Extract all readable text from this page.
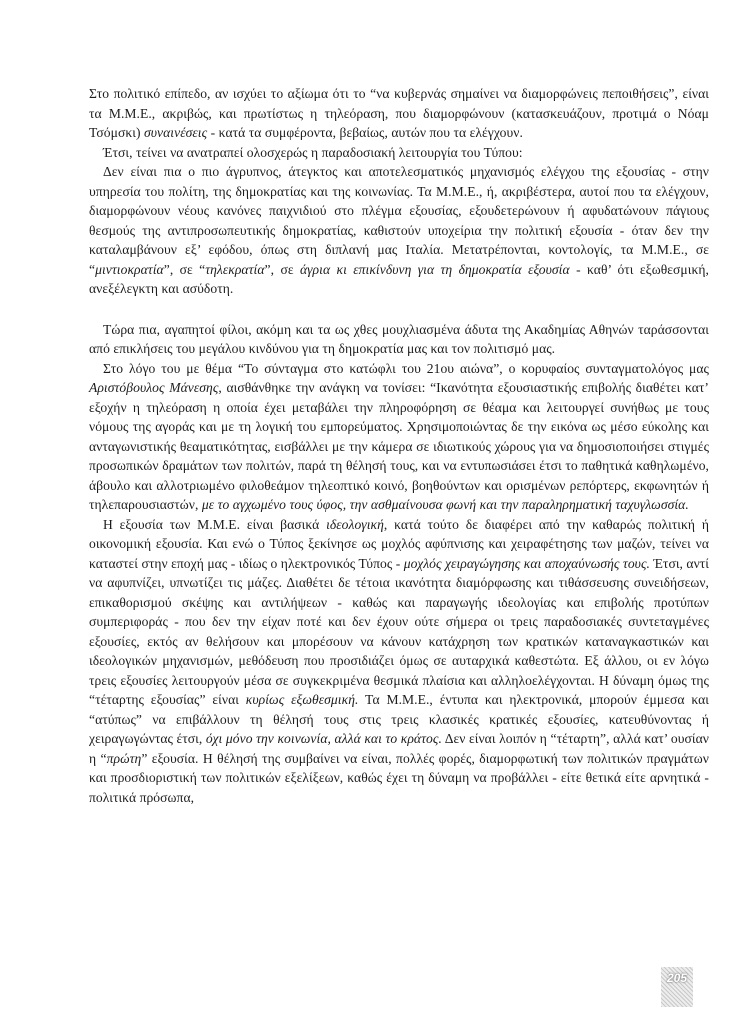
Στο πολιτικό επίπεδο, αν ισχύει το αξίωμα ότι το “να κυβερνάς σημαίνει να διαμορφώνεις πεποιθήσεις”, είναι τα Μ.Μ.Ε., ακριβώς, και πρωτίστως η τηλεόραση, που διαμορφώνουν (κατασκευάζουν, προτιμά ο Νόαμ Τσόμσκι) συναινέσεις - κατά τα συμφέροντα, βεβαίως, αυτών που τα ελέγχουν.

Έτσι, τείνει να ανατραπεί ολοσχερώς η παραδοσιακή λειτουργία του Τύπου:

Δεν είναι πια ο πιο άγρυπνος, άτεγκτος και αποτελεσματικός μηχανισμός ελέγχου της εξουσίας - στην υπηρεσία του πολίτη, της δημοκρατίας και της κοινωνίας. Τα Μ.Μ.Ε., ή, ακριβέστερα, αυτοί που τα ελέγχουν, διαμορφώνουν νέους κανόνες παιχνιδιού στο πλέγμα εξουσίας, εξουδετερώνουν ή αφυδατώνουν πάγιους θεσμούς της αντιπροσωπευτικής δημοκρατίας, καθιστούν υποχείρια την πολιτική εξουσία - όταν δεν την καταλαμβάνουν εξ’ εφόδου, όπως στη διπλανή μας Ιταλία. Μετατρέπονται, κοντολογίς, τα Μ.Μ.Ε., σε “μιντιοκρατία”, σε “τηλεκρατία”, σε άγρια κι επικίνδυνη για τη δημοκρατία εξουσία - καθ’ ότι εξωθεσμική, ανεξέλεγκτη και ασύδοτη.

Τώρα πια, αγαπητοί φίλοι, ακόμη και τα ως χθες μουχλιασμένα άδυτα της Ακαδημίας Αθηνών ταράσσονται από επικλήσεις του μεγάλου κινδύνου για τη δημοκρατία μας και τον πολιτισμό μας.

Στο λόγο του με θέμα “Το σύνταγμα στο κατώφλι του 21ου αιώνα”, ο κορυφαίος συνταγματολόγος μας Αριστόβουλος Μάνεσης, αισθάνθηκε την ανάγκη να τονίσει: “Ικανότητα εξουσιαστικής επιβολής διαθέτει κατ’ εξοχήν η τηλεόραση η οποία έχει μεταβάλει την πληροφόρηση σε θέαμα και λειτουργεί συνήθως με τους νόμους της αγοράς και με τη λογική του εμπορεύματος. Χρησιμοποιώντας δε την εικόνα ως μέσο εύκολης και ανταγωνιστικής θεαματικότητας, εισβάλλει με την κάμερα σε ιδιωτικούς χώρους για να δημοσιοποιήσει στιγμές προσωπικών δραμάτων των πολιτών, παρά τη θέλησή τους, και να εντυπωσιάσει έτσι το παθητικά καθηλωμένο, άβουλο και αλλοτριωμένο φιλοθεάμον τηλεοπτικό κοινό, βοηθούντων και ορισμένων ρεπόρτερς, εκφωνητών ή τηλεπαρουσιαστών, με το αγχωμένο τους ύφος, την ασθμαίνουσα φωνή και την παραληρηματική ταχυγλωσσία.

Η εξουσία των Μ.Μ.Ε. είναι βασικά ιδεολογική, κατά τούτο δε διαφέρει από την καθαρώς πολιτική ή οικονομική εξουσία. Και ενώ ο Τύπος ξεκίνησε ως μοχλός αφύπνισης και χειραφέτησης των μαζών, τείνει να καταστεί στην εποχή μας - ιδίως ο ηλεκτρονικός Τύπος - μοχλός χειραγώγησης και αποχαύνωσής τους. Έτσι, αντί να αφυπνίζει, υπνωτίζει τις μάζες. Διαθέτει δε τέτοια ικανότητα διαμόρφωσης και τιθάσσευσης συνειδήσεων, επικαθορισμού σκέψης και αντιλήψεων - καθώς και παραγωγής ιδεολογίας και επιβολής προτύπων συμπεριφοράς - που δεν την είχαν ποτέ και δεν έχουν ούτε σήμερα οι τρεις παραδοσιακές συντεταγμένες εξουσίες, εκτός αν θελήσουν και μπορέσουν να κάνουν κατάχρηση των κρατικών καταναγκαστικών και ιδεολογικών μηχανισμών, μεθόδευση που προσιδιάζει όμως σε αυταρχικά καθεστώτα. Εξ άλλου, οι εν λόγω τρεις εξουσίες λειτουργούν μέσα σε συγκεκριμένα θεσμικά πλαίσια και αλληλοελέγχονται. Η δύναμη όμως της “τέταρτης εξουσίας” είναι κυρίως εξωθεσμική. Τα Μ.Μ.Ε., έντυπα και ηλεκτρονικά, μπορούν έμμεσα και “ατύπως” να επιβάλλουν τη θέλησή τους στις τρεις κλασικές κρατικές εξουσίες, κατευθύνοντας ή χειραγωγώντας έτσι, όχι μόνο την κοινωνία, αλλά και το κράτος. Δεν είναι λοιπόν η “τέταρτη”, αλλά κατ’ ουσίαν η “πρώτη” εξουσία. Η θέλησή της συμβαίνει να είναι, πολλές φορές, διαμορφωτική των πολιτικών πραγμάτων και προσδιοριστική των πολιτικών εξελίξεων, καθώς έχει τη δύναμη να προβάλλει - είτε θετικά είτε αρνητικά - πολιτικά πρόσωπα,

205
